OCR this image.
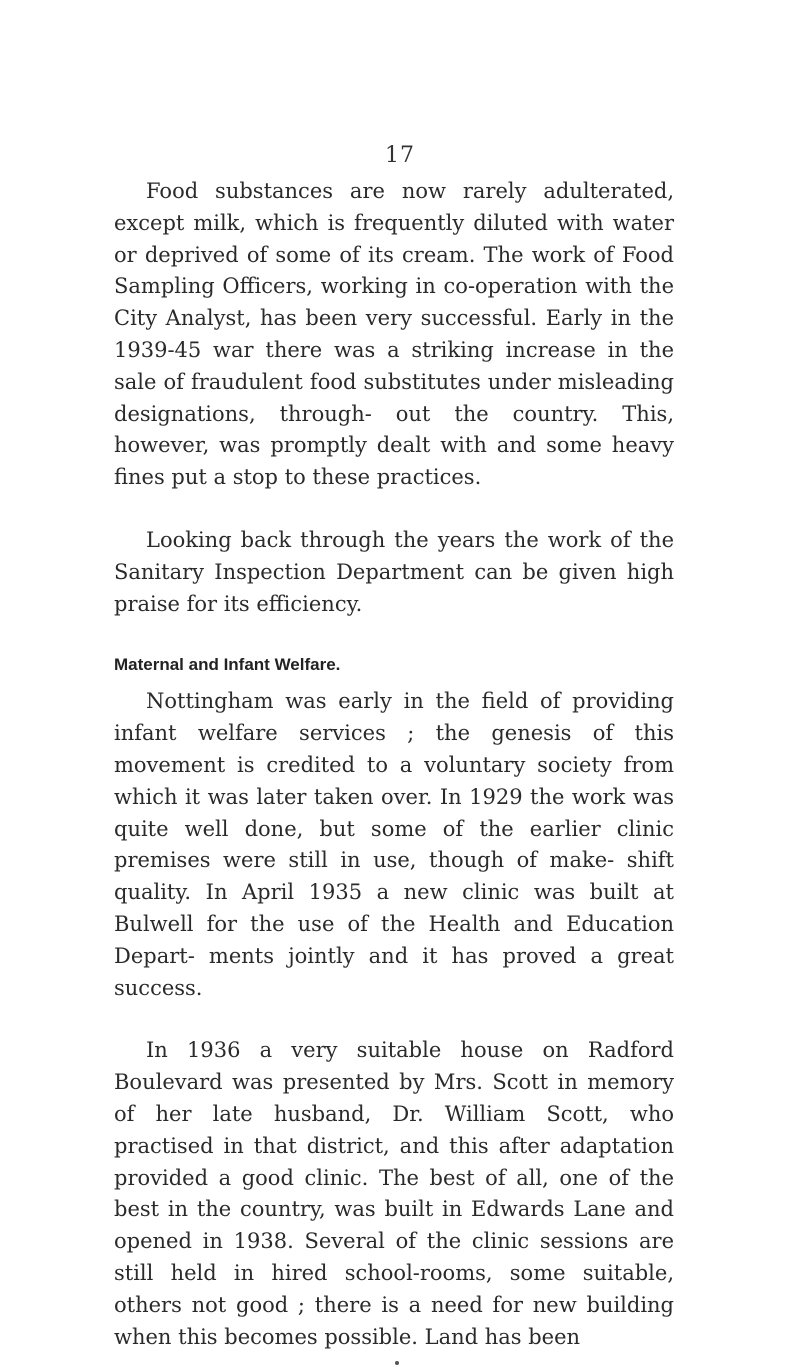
17

Food substances are now rarely adulterated, except milk, which is frequently diluted with water or deprived of some of its cream. The work of Food Sampling Officers, working in co-operation with the City Analyst, has been very successful. Early in the 1939-45 war there was a striking increase in the sale of fraudulent food substitutes under misleading designations, through- out the country. This, however, was promptly dealt with and some heavy fines put a stop to these practices.

Looking back through the years the work of the Sanitary Inspection Department can be given high praise for its efficiency.

Maternal and Infant Welfare.

Nottingham was early in the field of providing infant welfare services ; the genesis of this movement is credited to a voluntary society from which it was later taken over. In 1929 the work was quite well done, but some of the earlier clinic premises were still in use, though of make- shift quality. In April 1935 a new clinic was built at Bulwell for the use of the Health and Education Depart- ments jointly and it has proved a great success.

In 1936 a very suitable house on Radford Boulevard was presented by Mrs. Scott in memory of her late husband, Dr. William Scott, who practised in that district, and this after adaptation provided a good clinic. The best of all, one of the best in the country, was built in Edwards Lane and opened in 1938. Several of the clinic sessions are still held in hired school-rooms, some suitable, others not good ; there is a need for new building when this becomes possible. Land has been
